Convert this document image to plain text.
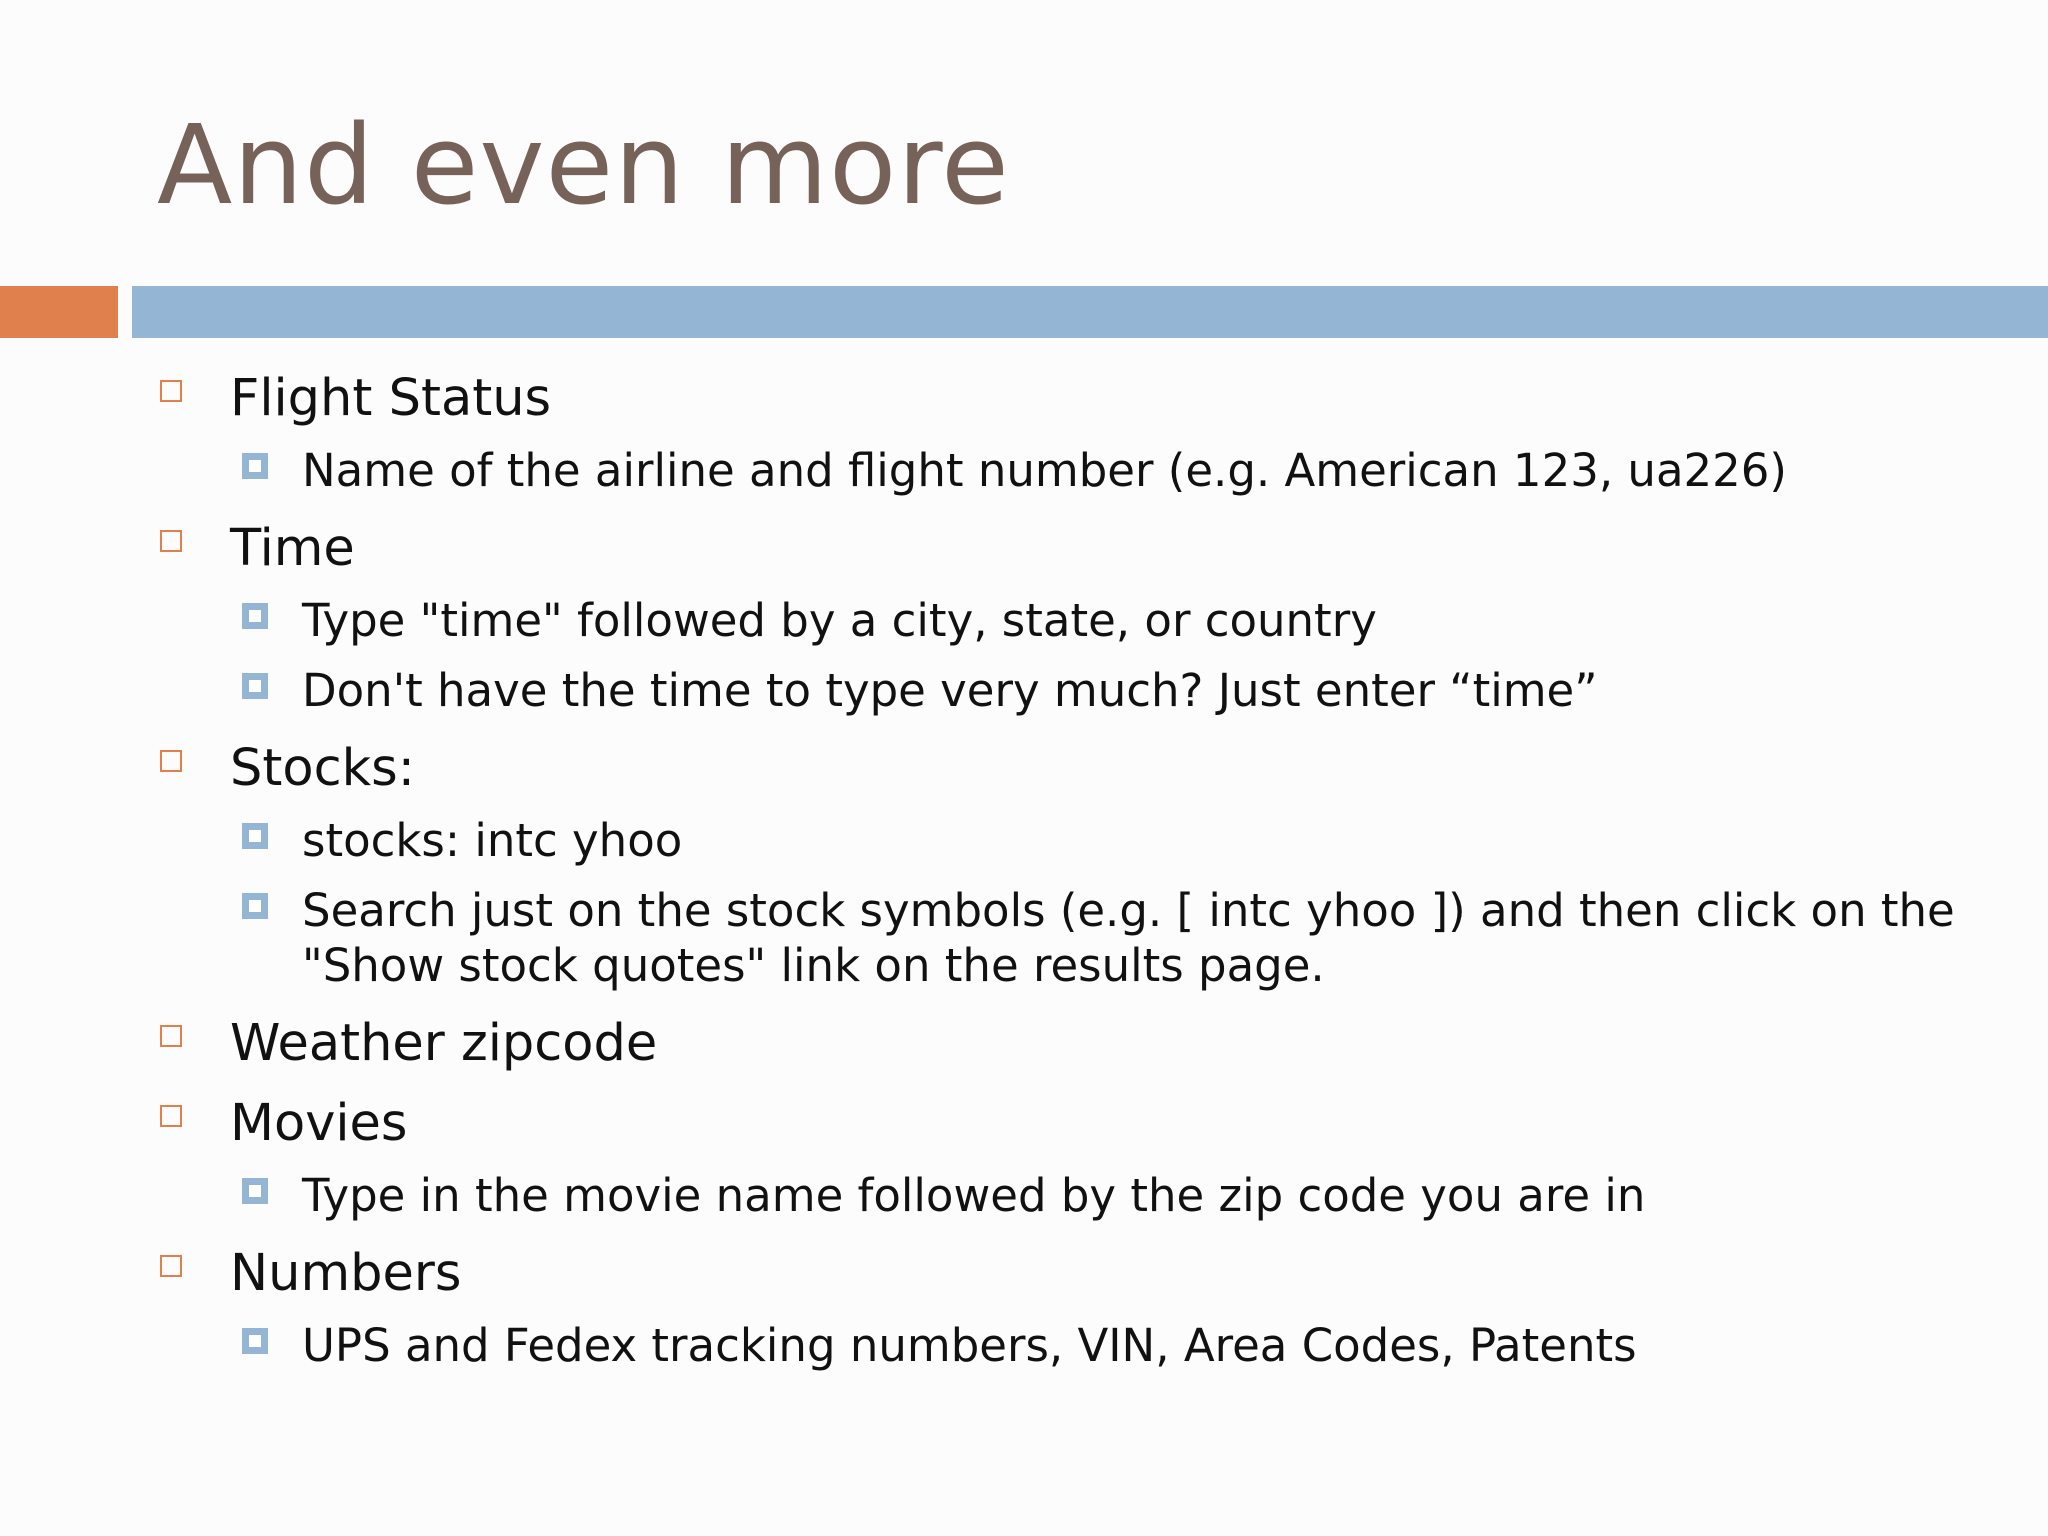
And even more
Flight Status
Name of the airline and flight number (e.g. American 123, ua226)
Time
Type "time" followed by a city, state, or country
Don't have the time to type very much? Just enter “time”
Stocks:
stocks: intc yhoo
Search just on the stock symbols (e.g. [ intc yhoo ]) and then click on the "Show stock quotes" link on the results page.
Weather zipcode
Movies
Type in the movie name followed by the zip code you are in
Numbers
UPS and Fedex tracking numbers, VIN, Area Codes, Patents
